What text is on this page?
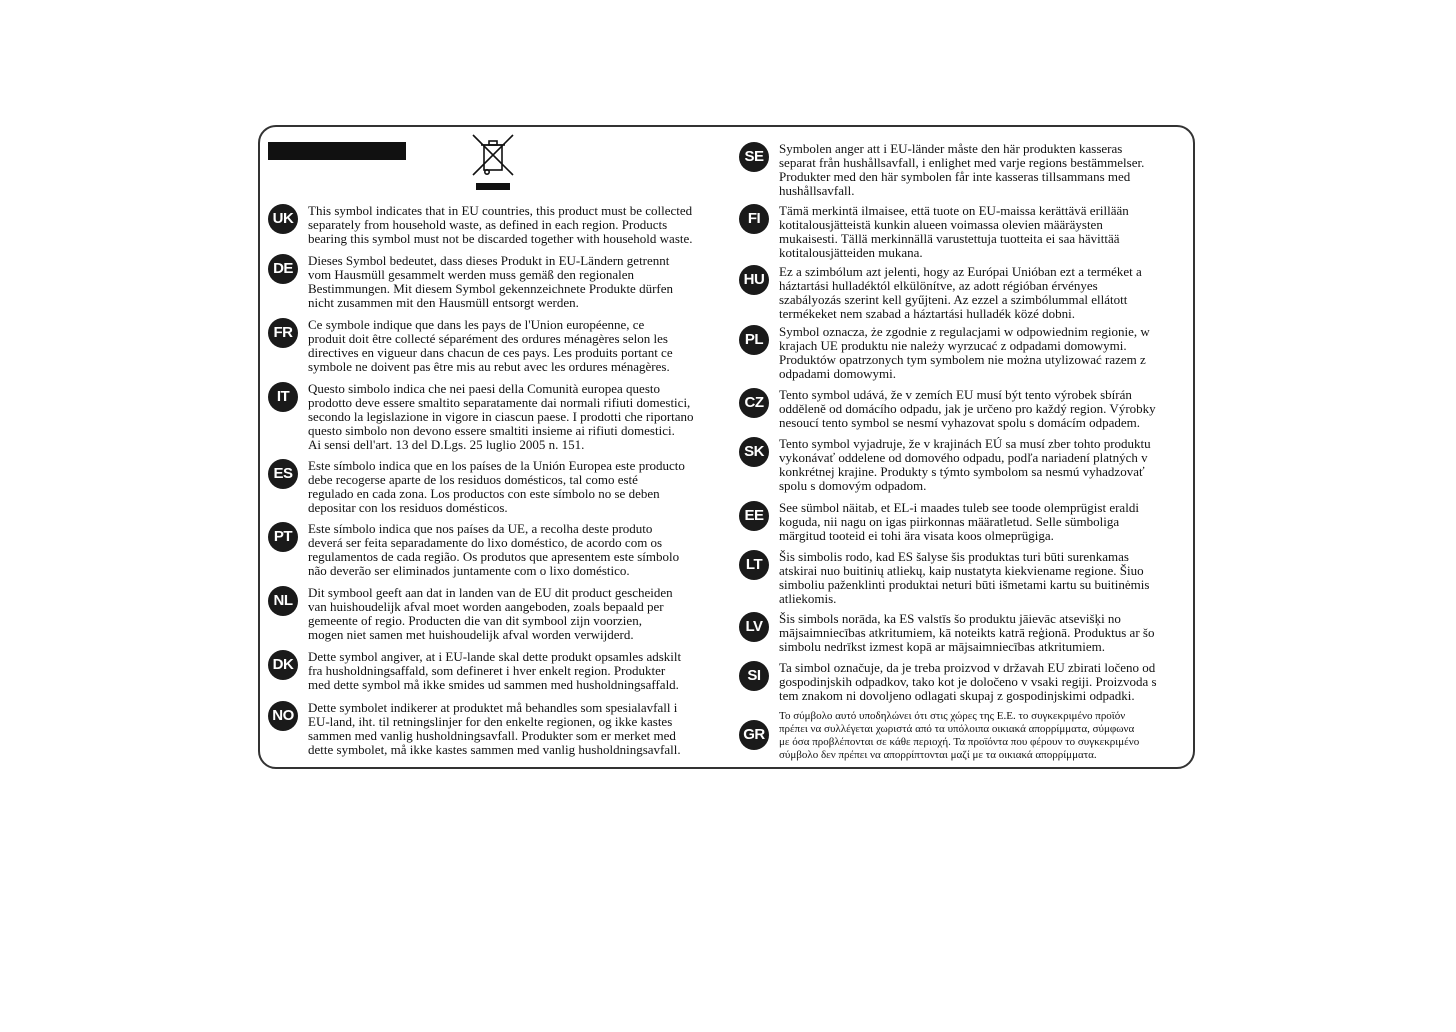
UK	This symbol indicates that in EU countries, this product must be collected
separately from household waste, as defined in each region. Products
bearing this symbol must not be discarded together with household waste.

DE	Dieses Symbol bedeutet, dass dieses Produkt in EU-Ländern getrennt
vom Hausmüll gesammelt werden muss gemäß den regionalen
Bestimmungen. Mit diesem Symbol gekennzeichnete Produkte dürfen
nicht zusammen mit den Hausmüll entsorgt werden.

FR	Ce symbole indique que dans les pays de l'Union européenne, ce
produit doit être collecté séparément des ordures ménagères selon les
directives en vigueur dans chacun de ces pays. Les produits portant ce
symbole ne doivent pas être mis au rebut avec les ordures ménagères.

IT	Questo simbolo indica che nei paesi della Comunità europea questo
prodotto deve essere smaltito separatamente dai normali rifiuti domestici,
secondo la legislazione in vigore in ciascun paese. I prodotti che riportano
questo simbolo non devono essere smaltiti insieme ai rifiuti domestici.
Ai sensi dell'art. 13 del D.Lgs. 25 luglio 2005 n. 151.

ES	Este símbolo indica que en los países de la Unión Europea este producto
debe recogerse aparte de los residuos domésticos, tal como esté
regulado en cada zona. Los productos con este símbolo no se deben
depositar con los residuos domésticos.

PT	Este símbolo indica que nos países da UE, a recolha deste produto
deverá ser feita separadamente do lixo doméstico, de acordo com os
regulamentos de cada região. Os produtos que apresentem este símbolo
não deverão ser eliminados juntamente com o lixo doméstico.

NL	Dit symbool geeft aan dat in landen van de EU dit product gescheiden
van huishoudelijk afval moet worden aangeboden, zoals bepaald per
gemeente of regio. Producten die van dit symbool zijn voorzien,
mogen niet samen met huishoudelijk afval worden verwijderd.

DK	Dette symbol angiver, at i EU-lande skal dette produkt opsamles adskilt
fra husholdningsaffald, som defineret i hver enkelt region. Produkter
med dette symbol må ikke smides ud sammen med husholdningsaffald.

NO	Dette symbolet indikerer at produktet må behandles som spesialavfall i
EU-land, iht. til retningslinjer for den enkelte regionen, og ikke kastes
sammen med vanlig husholdningsavfall. Produkter som er merket med
dette symbolet, må ikke kastes sammen med vanlig husholdningsavfall.

SE	Symbolen anger att i EU-länder måste den här produkten kasseras
separat från hushållsavfall, i enlighet med varje regions bestämmelser.
Produkter med den här symbolen får inte kasseras tillsammans med
hushållsavfall.

FI	Tämä merkintä ilmaisee, että tuote on EU-maissa kerättävä erillään
kotitalousjätteistä kunkin alueen voimassa olevien määräysten
mukaisesti. Tällä merkinnällä varustettuja tuotteita ei saa hävittää
kotitalousjätteiden mukana.

HU	Ez a szimbólum azt jelenti, hogy az Európai Unióban ezt a terméket a
háztartási hulladéktól elkülönítve, az adott régióban érvényes
szabályozás szerint kell gyűjteni. Az ezzel a szimbólummal ellátott
termékeket nem szabad a háztartási hulladék közé dobni.

PL	Symbol oznacza, że zgodnie z regulacjami w odpowiednim regionie, w
krajach UE produktu nie należy wyrzucać z odpadami domowymi.
Produktów opatrzonych tym symbolem nie można utylizować razem z
odpadami domowymi.

CZ	Tento symbol udává, že v zemích EU musí být tento výrobek sbírán
odděleně od domácího odpadu, jak je určeno pro každý region. Výrobky
nesoucí tento symbol se nesmí vyhazovat spolu s domácím odpadem.

SK	Tento symbol vyjadruje, že v krajinách EÚ sa musí zber tohto produktu
vykonávať oddelene od domového odpadu, podľa nariadení platných v
konkrétnej krajine. Produkty s týmto symbolom sa nesmú vyhadzovať
spolu s domovým odpadom.

EE	See sümbol näitab, et EL-i maades tuleb see toode olemprügist eraldi
koguda, nii nagu on igas piirkonnas määratletud. Selle sümboliga
märgitud tooteid ei tohi ära visata koos olmeprügiga.

LT	Šis simbolis rodo, kad ES šalyse šis produktas turi būti surenkamas
atskirai nuo buitinių atliekų, kaip nustatyta kiekviename regione. Šiuo
simboliu paženklinti produktai neturi būti išmetami kartu su buitinėmis
atliekomis.

LV	Šis simbols norāda, ka ES valstīs šo produktu jāievāc atsevišķi no
mājsaimniecības atkritumiem, kā noteikts katrā reģionā. Produktus ar šo
simbolu nedrīkst izmest kopā ar mājsaimniecības atkritumiem.

SI	Ta simbol označuje, da je treba proizvod v državah EU zbirati ločeno od
gospodinjskih odpadkov, tako kot je določeno v vsaki regiji. Proizvoda s
tem znakom ni dovoljeno odlagati skupaj z gospodinjskimi odpadki.

GR

Το σύμβολο αυτό υποδηλώνει ότι στις χώρες της Ε.Ε. το συγκεκριμένο προϊόν
πρέπει να συλλέγεται χωριστά από τα υπόλοιπα οικιακά απορρίμματα, σύμφωνα
με όσα προβλέπονται σε κάθε περιοχή. Τα προϊόντα που φέρουν το συγκεκριμένο
σύμβολο δεν πρέπει να απορρίπτονται μαζί με τα οικιακά απορρίμματα.
